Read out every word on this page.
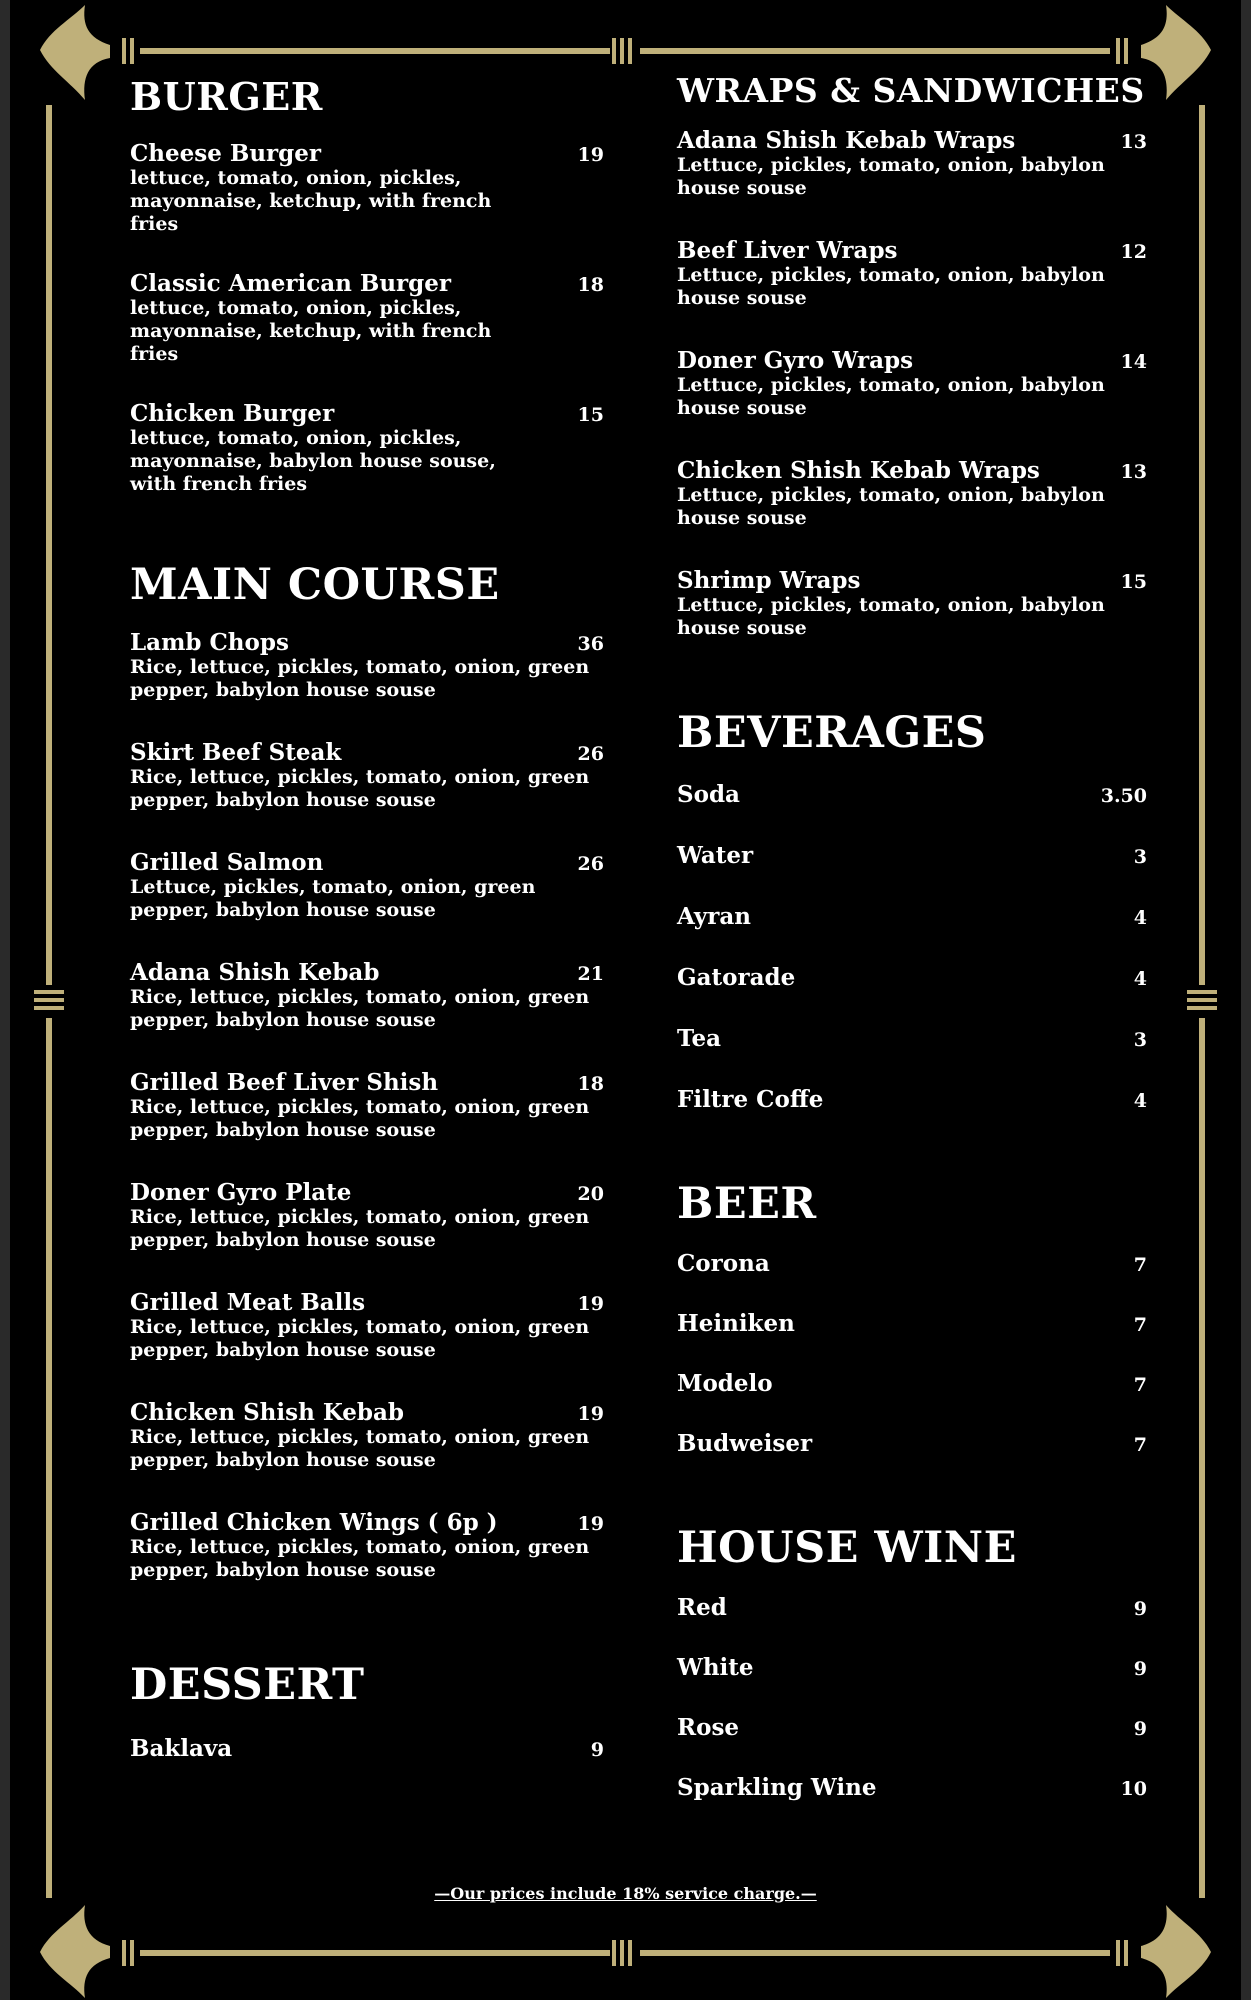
BURGER
Cheese Burger	19
lettuce, tomato, onion, pickles, mayonnaise, ketchup, with french fries
Classic American Burger	18
lettuce, tomato, onion, pickles, mayonnaise, ketchup, with french fries
Chicken Burger	15
lettuce, tomato, onion, pickles, mayonnaise, babylon house souse, with french fries
MAIN COURSE
Lamb Chops	36
Rice, lettuce, pickles, tomato, onion, green pepper, babylon house souse
Skirt Beef Steak	26
Rice, lettuce, pickles, tomato, onion, green pepper, babylon house souse
Grilled Salmon	26
Lettuce, pickles, tomato, onion, green pepper, babylon house souse
Adana Shish Kebab	21
Rice, lettuce, pickles, tomato, onion, green pepper, babylon house souse
Grilled Beef Liver Shish	18
Rice, lettuce, pickles, tomato, onion, green pepper, babylon house souse
Doner Gyro Plate	20
Rice, lettuce, pickles, tomato, onion, green pepper, babylon house souse
Grilled Meat Balls	19
Rice, lettuce, pickles, tomato, onion, green pepper, babylon house souse
Chicken Shish Kebab	19
Rice, lettuce, pickles, tomato, onion, green pepper, babylon house souse
Grilled Chicken Wings ( 6p )	19
Rice, lettuce, pickles, tomato, onion, green pepper, babylon house souse
DESSERT
Baklava	9
WRAPS & SANDWICHES
Adana Shish Kebab Wraps	13
Lettuce, pickles, tomato, onion, babylon house souse
Beef Liver Wraps	12
Lettuce, pickles, tomato, onion, babylon house souse
Doner Gyro Wraps	14
Lettuce, pickles, tomato, onion, babylon house souse
Chicken Shish Kebab Wraps	13
Lettuce, pickles, tomato, onion, babylon house souse
Shrimp Wraps	15
Lettuce, pickles, tomato, onion, babylon house souse
BEVERAGES
Soda	3.50
Water	3
Ayran	4
Gatorade	4
Tea	3
Filtre Coffe	4
BEER
Corona	7
Heiniken	7
Modelo	7
Budweiser	7
HOUSE WINE
Red	9
White	9
Rose	9
Sparkling Wine	10
—Our prices include 18% service charge.—
